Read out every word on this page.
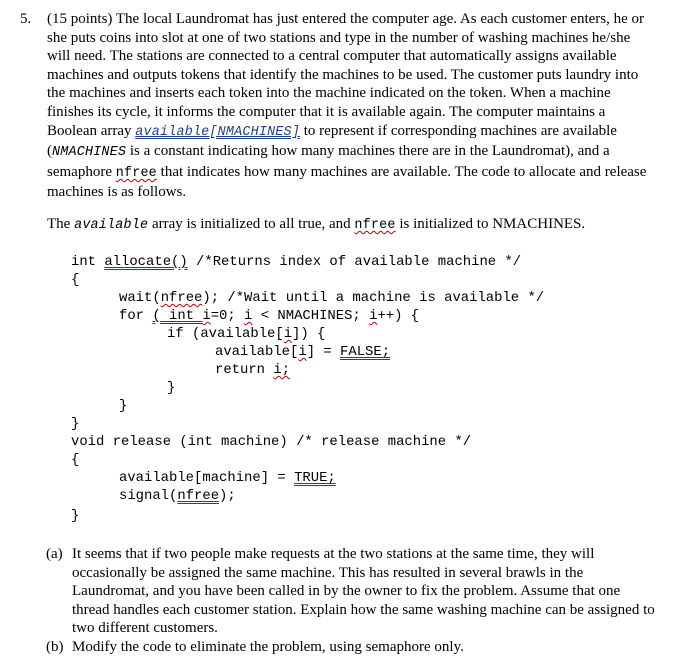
5. (15 points) The local Laundromat has just entered the computer age. As each customer enters, he or she puts coins into slot at one of two stations and type in the number of washing machines he/she will need. The stations are connected to a central computer that automatically assigns available machines and outputs tokens that identify the machines to be used. The customer puts laundry into the machines and inserts each token into the machine indicated on the token. When a machine finishes its cycle, it informs the computer that it is available again. The computer maintains a Boolean array available[NMACHINES] to represent if corresponding machines are available (NMACHINES is a constant indicating how many machines there are in the Laundromat), and a semaphore nfree that indicates how many machines are available. The code to allocate and release machines is as follows.

The available array is initialized to all true, and nfree is initialized to NMACHINES.
int allocate() /*Returns index of available machine */
{
wait(nfree); /*Wait until a machine is available */
for ( int i=0; i < NMACHINES; i++) {
if (available[i]) {
available[i] = FALSE;
return i;
}
}
}
void release (int machine) /* release machine */
{
available[machine] = TRUE;
signal(nfree);
}
(a) It seems that if two people make requests at the two stations at the same time, they will occasionally be assigned the same machine. This has resulted in several brawls in the Laundromat, and you have been called in by the owner to fix the problem. Assume that one thread handles each customer station. Explain how the same washing machine can be assigned to two different customers.
(b) Modify the code to eliminate the problem, using semaphore only.
